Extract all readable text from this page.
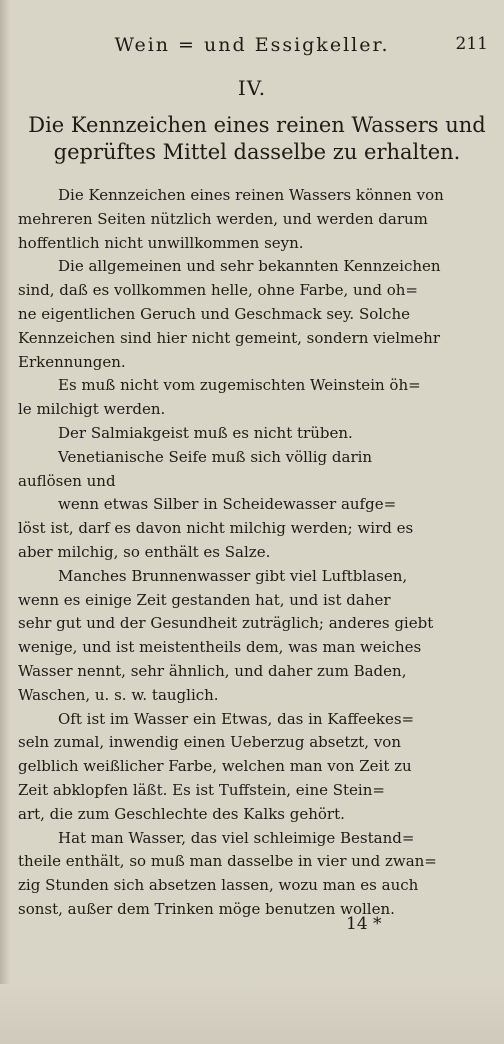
Wein = und Essigkeller.	211
IV.
Die Kennzeichen eines reinen Wassers und
geprüftes Mittel dasselbe zu erhalten.
Die Kennzeichen eines reinen Wassers können von
mehreren Seiten nützlich werden, und werden darum
hoffentlich nicht unwillkommen seyn.
Die allgemeinen und sehr bekannten Kennzeichen
sind, daß es vollkommen helle, ohne Farbe, und oh=
ne eigentlichen Geruch und Geschmack sey. Solche
Kennzeichen sind hier nicht gemeint, sondern vielmehr
Erkennungen.
Es muß nicht vom zugemischten Weinstein öh=
le milchigt werden.
Der Salmiakgeist muß es nicht trüben.
Venetianische Seife muß sich völlig darin
auflösen und
wenn etwas Silber in Scheidewasser aufge=
löst ist, darf es davon nicht milchig werden; wird es
aber milchig, so enthält es Salze.
Manches Brunnenwasser gibt viel Luftblasen,
wenn es einige Zeit gestanden hat, und ist daher
sehr gut und der Gesundheit zuträglich; anderes giebt
wenige, und ist meistentheils dem, was man weiches
Wasser nennt, sehr ähnlich, und daher zum Baden,
Waschen, u. s. w. tauglich.
Oft ist im Wasser ein Etwas, das in Kaffeekes=
seln zumal, inwendig einen Ueberzug absetzt, von
gelblich weißlicher Farbe, welchen man von Zeit zu
Zeit abklopfen läßt. Es ist Tuffstein, eine Stein=
art, die zum Geschlechte des Kalks gehört.
Hat man Wasser, das viel schleimige Bestand=
theile enthält, so muß man dasselbe in vier und zwan=
zig Stunden sich absetzen lassen, wozu man es auch
sonst, außer dem Trinken möge benutzen wollen.
14 *
